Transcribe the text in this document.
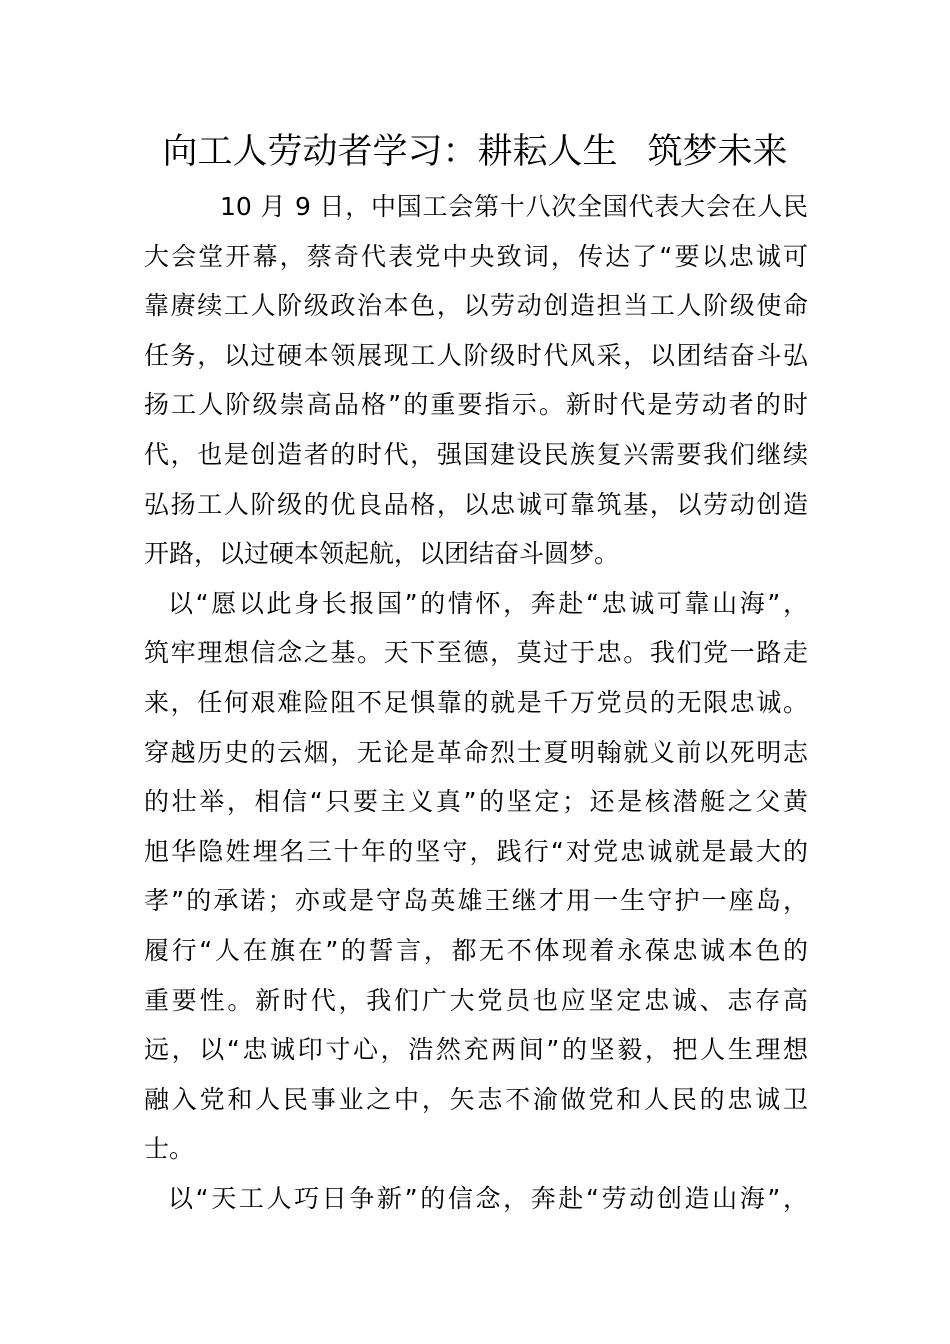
向工人劳动者学习：耕耘人生 筑梦未来
10 月 9 日，中国工会第十八次全国代表大会在人民
大会堂开幕，蔡奇代表党中央致词，传达了“要以忠诚可
靠赓续工人阶级政治本色，以劳动创造担当工人阶级使命
任务，以过硬本领展现工人阶级时代风采，以团结奋斗弘
扬工人阶级崇高品格”的重要指示。新时代是劳动者的时
代，也是创造者的时代，强国建设民族复兴需要我们继续
弘扬工人阶级的优良品格，以忠诚可靠筑基，以劳动创造
开路，以过硬本领起航，以团结奋斗圆梦。
以“愿以此身长报国”的情怀，奔赴“忠诚可靠山海”，
筑牢理想信念之基。天下至德，莫过于忠。我们党一路走
来，任何艰难险阻不足惧靠的就是千万党员的无限忠诚。
穿越历史的云烟，无论是革命烈士夏明翰就义前以死明志
的壮举，相信“只要主义真”的坚定；还是核潜艇之父黄
旭华隐姓埋名三十年的坚守，践行“对党忠诚就是最大的
孝”的承诺；亦或是守岛英雄王继才用一生守护一座岛，
履行“人在旗在”的誓言，都无不体现着永葆忠诚本色的
重要性。新时代，我们广大党员也应坚定忠诚、志存高
远，以“忠诚印寸心，浩然充两间”的坚毅，把人生理想
融入党和人民事业之中，矢志不渝做党和人民的忠诚卫
士。
以“天工人巧日争新”的信念，奔赴“劳动创造山海”，
